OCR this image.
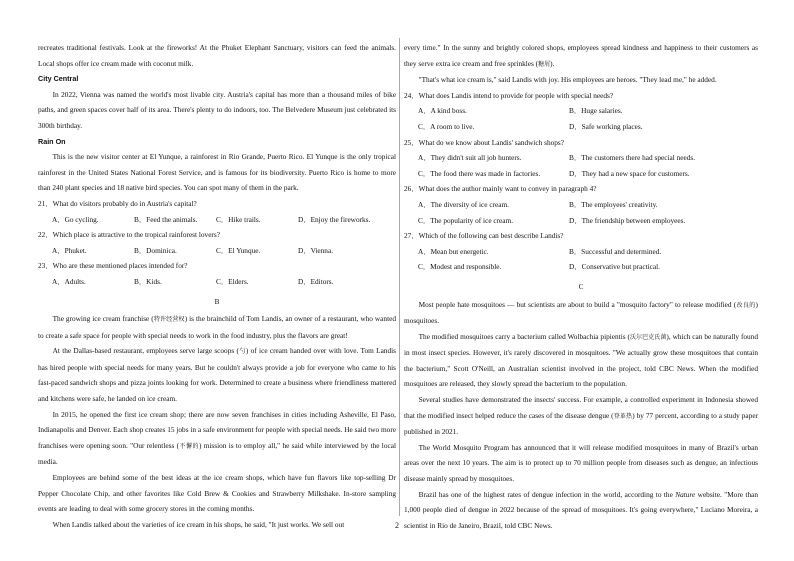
recreates traditional festivals. Look at the fireworks! At the Phuket Elephant Sanctuary, visitors can feed the animals. Local shops offer ice cream made with coconut milk.

City Central

In 2022, Vienna was named the world's most livable city. Austria's capital has more than a thousand miles of bike paths, and green spaces cover half of its area. There's plenty to do indoors, too. The Belvedere Museum just celebrated its 300th birthday.

Rain On

This is the new visitor center at El Yunque, a rainforest in Rio Grande, Puerto Rico. El Yunque is the only tropical rainforest in the United States National Forest Service, and is famous for its biodiversity. Puerto Rico is home to more than 240 plant species and 18 native bird species. You can spot many of them in the park.

21．What do visitors probably do in Austria's capital?

A．Go cycling.	B．Feed the animals.	C．Hike trails.	D．Enjoy the fireworks.

22．Which place is attractive to the tropical rainforest lovers?

A．Phuket.	B．Dominica.	C．El Yunque.	D．Vienna.

23．Who are these mentioned places intended for?

A．Adults.	B．Kids.	C．Elders.	D．Editors.
B

The growing ice cream franchise (特许经营权) is the brainchild of Tom Landis, an owner of a restaurant, who wanted to create a safe space for people with special needs to work in the food industry, plus the flavors are great!

At the Dallas-based restaurant, employees serve large scoops (勺) of ice cream handed over with love. Tom Landis has hired people with special needs for many years. But he couldn't always provide a job for everyone who came to his fast-paced sandwich shops and pizza joints looking for work. Determined to create a business where friendliness mattered and kitchens were safe, he landed on ice cream.

In 2015, he opened the first ice cream shop; there are now seven franchises in cities including Asheville, El Paso, Indianapolis and Denver. Each shop creates 15 jobs in a safe environment for people with special needs. He said two more franchises were opening soon. "Our relentless (不懈的) mission is to employ all," he said while interviewed by the local media.

Employees are behind some of the best ideas at the ice cream shops, which have fun flavors like top-selling Dr Pepper Chocolate Chip, and other favorites like Cold Brew & Cookies and Strawberry Milkshake. In-store sampling events are leading to deal with some grocery stores in the coming months.

When Landis talked about the varieties of ice cream in his shops, he said, "It just works. We sell out

every time." In the sunny and brightly colored shops, employees spread kindness and happiness to their customers as they serve extra ice cream and free sprinkles (糖屑).

"That's what ice cream is," said Landis with joy. His employees are heroes. "They lead me," he added.

24．What does Landis intend to provide for people with special needs?

A．A kind boss.	B．Huge salaries.
C．A room to live.	D．Safe working places.

25．What do we know about Landis' sandwich shops?

A．They didn't suit all job hunters.	B．The customers there had special needs.
C．The food there was made in factories.	D．They had a new space for customers.

26．What does the author mainly want to convey in paragraph 4?

A．The diversity of ice cream.	B．The employees' creativity.
C．The popularity of ice cream.	D．The friendship between employees.

27．Which of the following can best describe Landis?

A．Mean but energetic.	B．Successful and determined.
C．Modest and responsible.	D．Conservative but practical.
C

Most people hate mosquitoes — but scientists are about to build a "mosquito factory" to release modified (改良的) mosquitoes.

The modified mosquitoes carry a bacterium called Wolbachia pipientis (沃尔巴克氏菌), which can be naturally found in most insect species. However, it's rarely discovered in mosquitoes. "We actually grow these mosquitoes that contain the bacterium," Scott O'Neill, an Australian scientist involved in the project, told CBC News. When the modified mosquitoes are released, they slowly spread the bacterium to the population.

Several studies have demonstrated the insects' success. For example, a controlled experiment in Indonesia showed that the modified insect helped reduce the cases of the disease dengue (登革热) by 77 percent, according to a study paper published in 2021.

The World Mosquito Program has announced that it will release modified mosquitoes in many of Brazil's urban areas over the next 10 years. The aim is to protect up to 70 million people from diseases such as dengue, an infectious disease mainly spread by mosquitoes.

Brazil has one of the highest rates of dengue infection in the world, according to the Nature website. "More than 1,000 people died of dengue in 2022 because of the spread of mosquitoes. It's going everywhere," Luciano Moreira, a scientist in Rio de Janeiro, Brazil, told CBC News.

2
